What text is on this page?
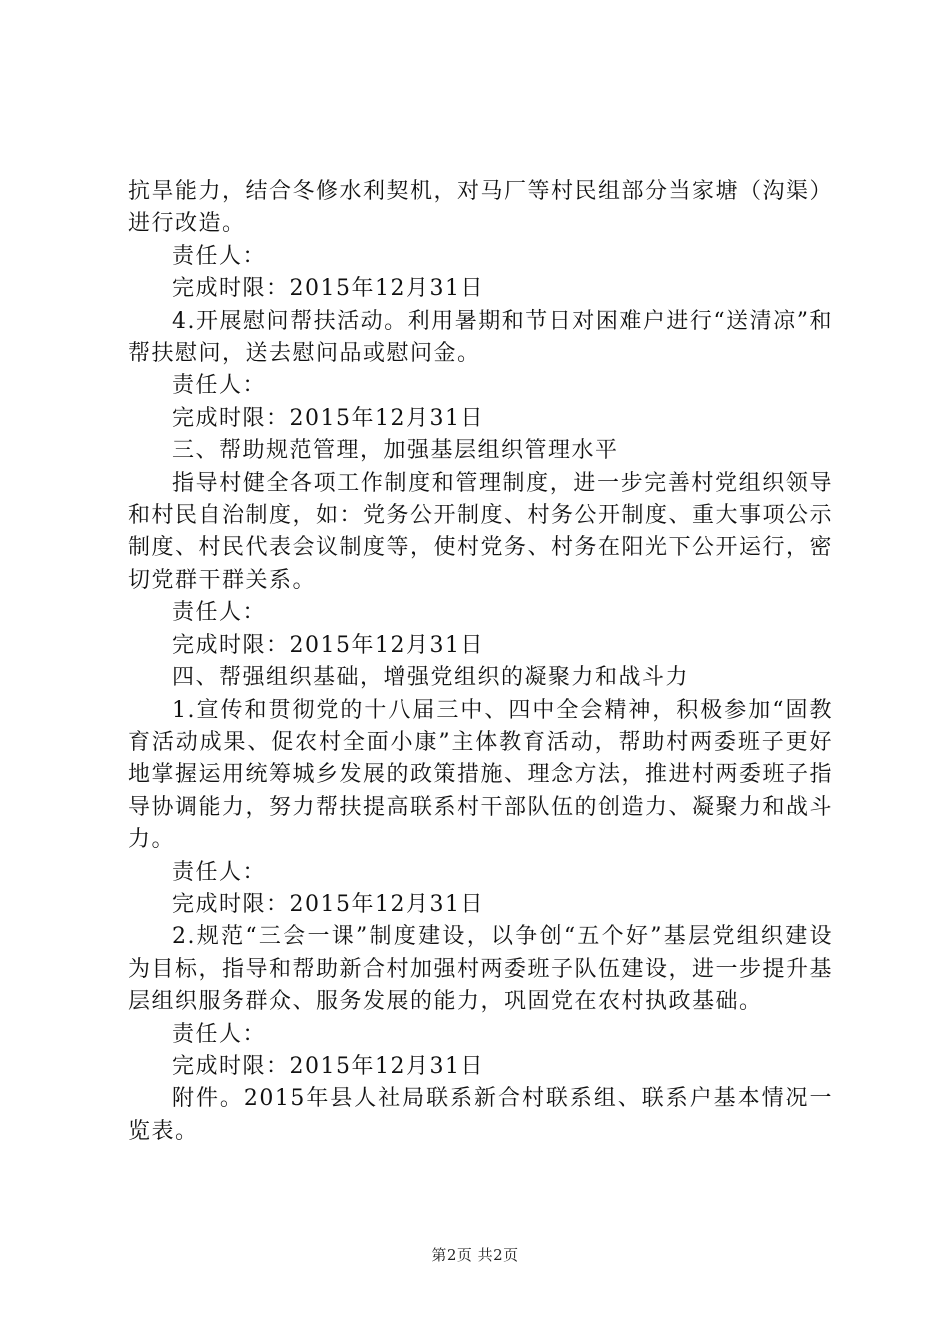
抗旱能力，结合冬修水利契机，对马厂等村民组部分当家塘（沟渠）进行改造。

责任人：

完成时限：2015年12月31日

4.开展慰问帮扶活动。利用暑期和节日对困难户进行“送清凉”和帮扶慰问，送去慰问品或慰问金。

责任人：

完成时限：2015年12月31日

三、帮助规范管理，加强基层组织管理水平

指导村健全各项工作制度和管理制度，进一步完善村党组织领导和村民自治制度，如：党务公开制度、村务公开制度、重大事项公示制度、村民代表会议制度等，使村党务、村务在阳光下公开运行，密切党群干群关系。

责任人：

完成时限：2015年12月31日

四、帮强组织基础，增强党组织的凝聚力和战斗力

1.宣传和贯彻党的十八届三中、四中全会精神，积极参加“固教育活动成果、促农村全面小康”主体教育活动，帮助村两委班子更好地掌握运用统筹城乡发展的政策措施、理念方法，推进村两委班子指导协调能力，努力帮扶提高联系村干部队伍的创造力、凝聚力和战斗力。

责任人：

完成时限：2015年12月31日

2.规范“三会一课”制度建设，以争创“五个好”基层党组织建设为目标，指导和帮助新合村加强村两委班子队伍建设，进一步提升基层组织服务群众、服务发展的能力，巩固党在农村执政基础。

责任人：

完成时限：2015年12月31日

附件。2015年县人社局联系新合村联系组、联系户基本情况一览表。

第2页 共2页
